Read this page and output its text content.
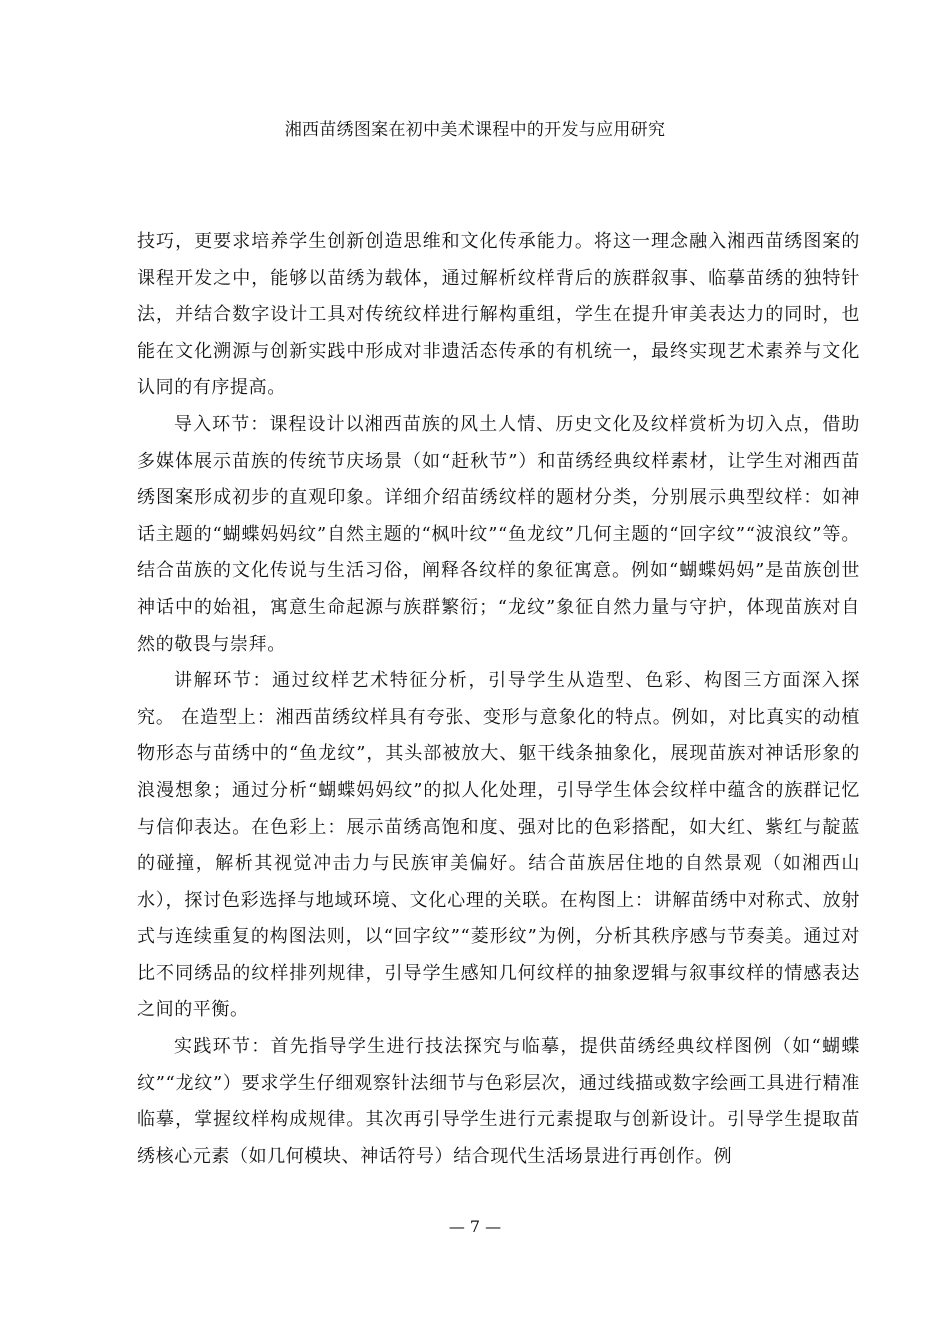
湘西苗绣图案在初中美术课程中的开发与应用研究

技巧，更要求培养学生创新创造思维和文化传承能力。将这一理念融入湘西苗绣图案的课程开发之中，能够以苗绣为载体，通过解析纹样背后的族群叙事、临摹苗绣的独特针法，并结合数字设计工具对传统纹样进行解构重组，学生在提升审美表达力的同时，也能在文化溯源与创新实践中形成对非遗活态传承的有机统一，最终实现艺术素养与文化认同的有序提高。

导入环节：课程设计以湘西苗族的风土人情、历史文化及纹样赏析为切入点，借助多媒体展示苗族的传统节庆场景（如“赶秋节”）和苗绣经典纹样素材，让学生对湘西苗绣图案形成初步的直观印象。详细介绍苗绣纹样的题材分类，分别展示典型纹样：如神话主题的“蝴蝶妈妈纹”自然主题的“枫叶纹”“鱼龙纹”几何主题的“回字纹”“波浪纹”等。结合苗族的文化传说与生活习俗，阐释各纹样的象征寓意。例如“蝴蝶妈妈”是苗族创世神话中的始祖，寓意生命起源与族群繁衍；“龙纹”象征自然力量与守护，体现苗族对自然的敬畏与崇拜。

讲解环节：通过纹样艺术特征分析，引导学生从造型、色彩、构图三方面深入探究。 在造型上：湘西苗绣纹样具有夸张、变形与意象化的特点。例如，对比真实的动植物形态与苗绣中的“鱼龙纹”，其头部被放大、躯干线条抽象化，展现苗族对神话形象的浪漫想象；通过分析“蝴蝶妈妈纹”的拟人化处理，引导学生体会纹样中蕴含的族群记忆与信仰表达。在色彩上：展示苗绣高饱和度、强对比的色彩搭配，如大红、紫红与靛蓝的碰撞，解析其视觉冲击力与民族审美偏好。结合苗族居住地的自然景观（如湘西山水），探讨色彩选择与地域环境、文化心理的关联。在构图上：讲解苗绣中对称式、放射式与连续重复的构图法则，以“回字纹”“菱形纹”为例，分析其秩序感与节奏美。通过对比不同绣品的纹样排列规律，引导学生感知几何纹样的抽象逻辑与叙事纹样的情感表达之间的平衡。

实践环节：首先指导学生进行技法探究与临摹，提供苗绣经典纹样图例（如“蝴蝶纹”“龙纹”）要求学生仔细观察针法细节与色彩层次，通过线描或数字绘画工具进行精准临摹，掌握纹样构成规律。其次再引导学生进行元素提取与创新设计。引导学生提取苗绣核心元素（如几何模块、神话符号）结合现代生活场景进行再创作。例

— 7 —
